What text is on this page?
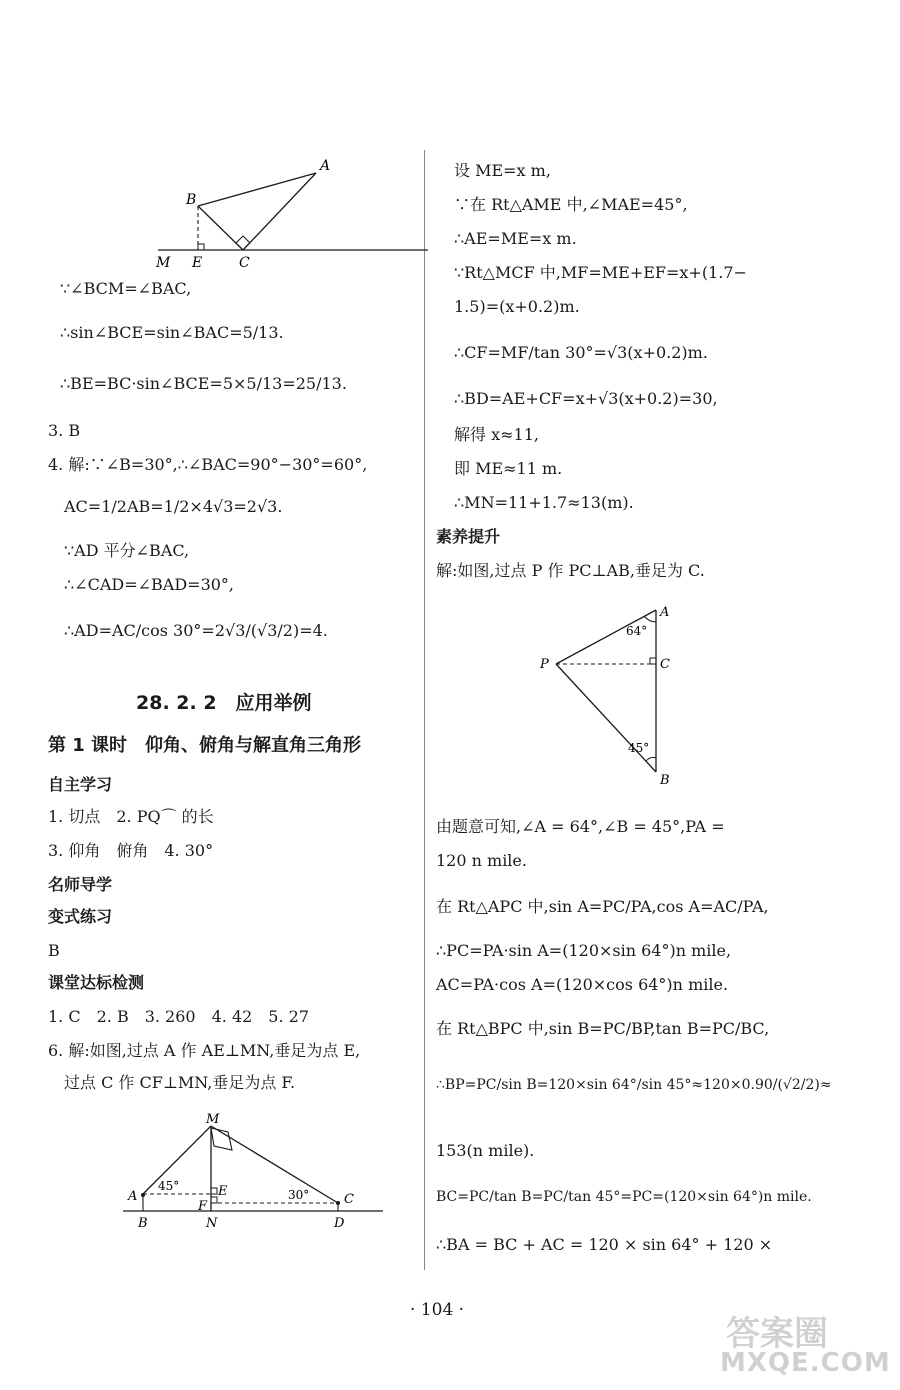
A
B
M E	C
∵∠BCM=∠BAC,
∴sin∠BCE=sin∠BAC=5/13.
∴BE=BC·sin∠BCE=5×5/13=25/13.
3. B
4. 解:∵∠B=30°,∴∠BAC=90°−30°=60°,
AC=1/2AB=1/2×4√3=2√3.
∵AD 平分∠BAC,
∴∠CAD=∠BAD=30°,
∴AD=AC/cos 30°=2√3/(√3/2)=4.
28. 2. 2　应用举例
第 1 课时　仰角、俯角与解直角三角形
自主学习
1. 切点　2. PQ⌒ 的长
3. 仰角　俯角　4. 30°
名师导学
变式练习
B
课堂达标检测
1. C　2. B　3. 260　4. 42　5. 27
6. 解:如图,过点 A 作 AE⊥MN,垂足为点 E,
过点 C 作 CF⊥MN,垂足为点 F.
M
A	E
F	C
B	N	D
45°
30°
设 ME=x m,
∵在 Rt△AME 中,∠MAE=45°,
∴AE=ME=x m.
∵Rt△MCF 中,MF=ME+EF=x+(1.7−
1.5)=(x+0.2)m.
∴CF=MF/tan 30°=√3(x+0.2)m.
∴BD=AE+CF=x+√3(x+0.2)=30,
解得 x≈11,
即 ME≈11 m.
∴MN=11+1.7≈13(m).
素养提升
解:如图,过点 P 作 PC⊥AB,垂足为 C.
A
P	C
B
64°
45°
由题意可知,∠A = 64°,∠B = 45°,PA =
120 n mile.
在 Rt△APC 中,sin A=PC/PA,cos A=AC/PA,
∴PC=PA·sin A=(120×sin 64°)n mile,
AC=PA·cos A=(120×cos 64°)n mile.
在 Rt△BPC 中,sin B=PC/BP,tan B=PC/BC,
∴BP=PC/sin B=120×sin 64°/sin 45°≈120×0.90/(√2/2)≈
153(n mile).
BC=PC/tan B=PC/tan 45°=PC=(120×sin 64°)n mile.
∴BA = BC + AC = 120 × sin 64° + 120 ×
· 104 ·
答案圈
MXQE.COM
